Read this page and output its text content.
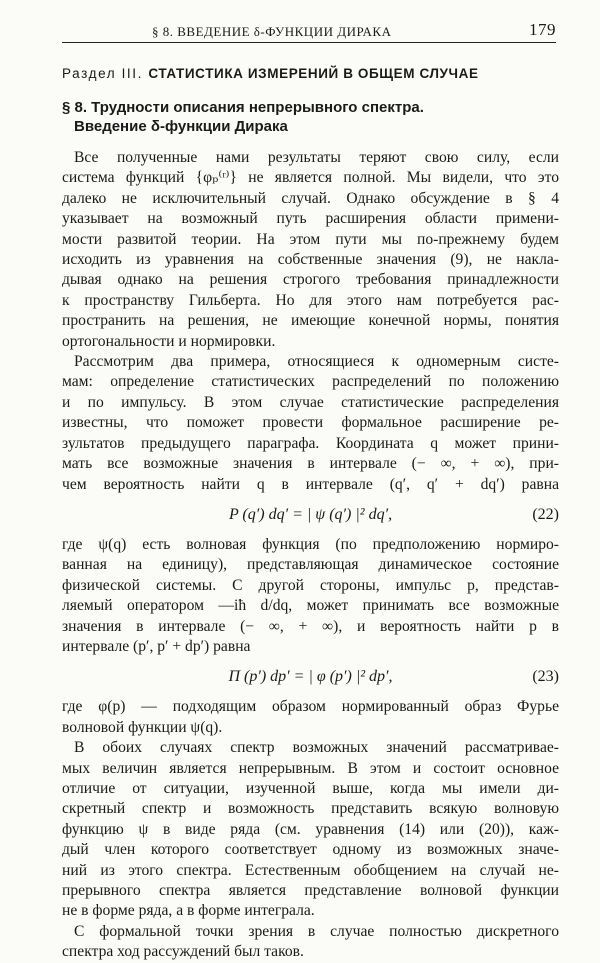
§ 8. ВВЕДЕНИЕ δ-ФУНКЦИИ ДИРАКА	179
Раздел III. СТАТИСТИКА ИЗМЕРЕНИЙ В ОБЩЕМ СЛУЧАЕ
§ 8. Трудности описания непрерывного спектра.
Введение δ-функции Дирака
Все полученные нами результаты теряют свою силу, если
система функций {φₚ⁽ʳ⁾} не является полной. Мы видели, что это
далеко не исключительный случай. Однако обсуждение в § 4
указывает на возможный путь расширения области примени-
мости развитой теории. На этом пути мы по-прежнему будем
исходить из уравнения на собственные значения (9), не накла-
дывая однако на решения строгого требования принадлежности
к пространству Гильберта. Но для этого нам потребуется рас-
пространить на решения, не имеющие конечной нормы, понятия
ортогональности и нормировки.
Рассмотрим два примера, относящиеся к одномерным систе-
мам: определение статистических распределений по положению
и по импульсу. В этом случае статистические распределения
известны, что поможет провести формальное расширение ре-
зультатов предыдущего параграфа. Координата q может прини-
мать все возможные значения в интервале (− ∞, + ∞), при-
чем вероятность найти q в интервале (q′, q′ + dq′) равна
P (q′) dq′ = | ψ (q′) |² dq′,	(22)
где ψ(q) есть волновая функция (по предположению нормиро-
ванная на единицу), представляющая динамическое состояние
физической системы. С другой стороны, импульс p, представ-
ляемый оператором —iħ d/dq, может принимать все возможные
значения в интервале (− ∞, + ∞), и вероятность найти p в
интервале (p′, p′ + dp′) равна
Π (p′) dp′ = | φ (p′) |² dp′,	(23)
где φ(p) — подходящим образом нормированный образ Фурье
волновой функции ψ(q).
В обоих случаях спектр возможных значений рассматривае-
мых величин является непрерывным. В этом и состоит основное
отличие от ситуации, изученной выше, когда мы имели ди-
скретный спектр и возможность представить всякую волновую
функцию ψ в виде ряда (см. уравнения (14) или (20)), каж-
дый член которого соответствует одному из возможных значе-
ний из этого спектра. Естественным обобщением на случай не-
прерывного спектра является представление волновой функции
не в форме ряда, а в форме интеграла.
С формальной точки зрения в случае полностью дискретного
спектра ход рассуждений был таков.
